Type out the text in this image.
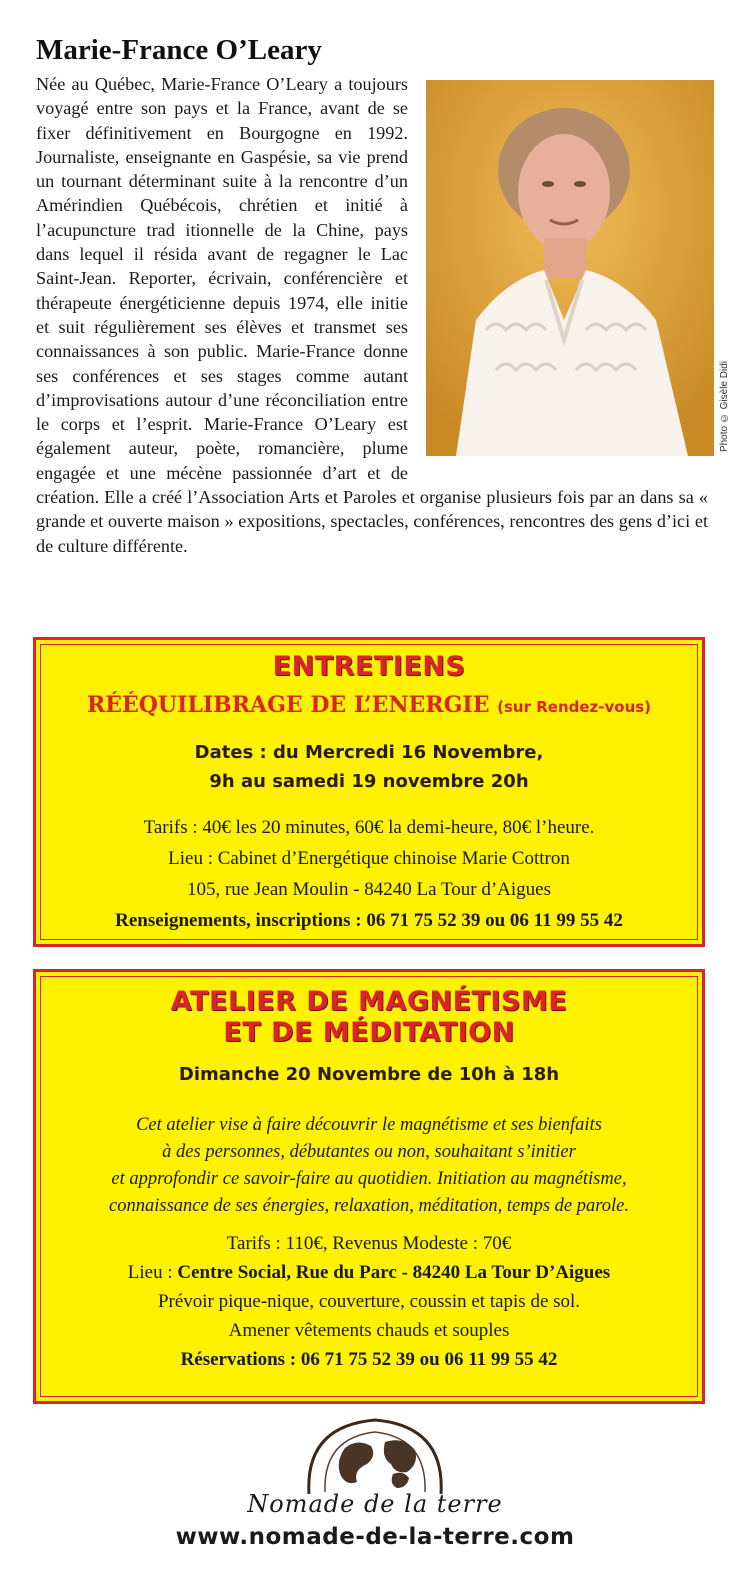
Marie-France O’Leary
Photo © Gisèle Didi

Née au Québec, Marie-France O’Leary a toujours voyagé entre son pays et la France, avant de se fixer définitivement en Bourgogne en 1992. Journaliste, enseignante en Gaspésie, sa vie prend un tournant déterminant suite à la rencontre d’un Amérindien Québécois, chrétien et initié à l’acupuncture trad itionnelle de la Chine, pays dans lequel il résida avant de regagner le Lac Saint-Jean. Reporter, écrivain, conférencière et thérapeute énergéticienne depuis 1974, elle initie et suit régulièrement ses élèves et transmet ses connaissances à son public. Marie-France donne ses conférences et ses stages comme autant d’improvisations autour d’une réconciliation entre le corps et l’esprit. Marie-France O’Leary est également auteur, poète, romancière, plume engagée et une mécène passionnée d’art et de création. Elle a créé l’Association Arts et Paroles et organise plusieurs fois par an dans sa « grande et ouverte maison » expositions, spectacles, conférences, rencontres des gens d’ici et de culture différente.

ENTRETIENS
RÉÉQUILIBRAGE DE L’ENERGIE (sur Rendez-vous)
Dates : du Mercredi 16 Novembre,
9h au samedi 19 novembre 20h
Tarifs : 40€ les 20 minutes, 60€ la demi-heure, 80€ l’heure.
Lieu : Cabinet d’Energétique chinoise Marie Cottron
105, rue Jean Moulin - 84240 La Tour d’Aigues
Renseignements, inscriptions : 06 71 75 52 39 ou 06 11 99 55 42
ATELIER DE MAGNÉTISME
ET DE MÉDITATION
Dimanche 20 Novembre de 10h à 18h
Cet atelier vise à faire découvrir le magnétisme et ses bienfaits
à des personnes, débutantes ou non, souhaitant s’initier
et approfondir ce savoir-faire au quotidien. Initiation au magnétisme,
connaissance de ses énergies, relaxation, méditation, temps de parole.
Tarifs : 110€, Revenus Modeste : 70€
Lieu : Centre Social, Rue du Parc - 84240 La Tour D’Aigues
Prévoir pique-nique, couverture, coussin et tapis de sol.
Amener vêtements chauds et souples
Réservations : 06 71 75 52 39 ou 06 11 99 55 42
Nomade de la terre
www.nomade-de-la-terre.com
